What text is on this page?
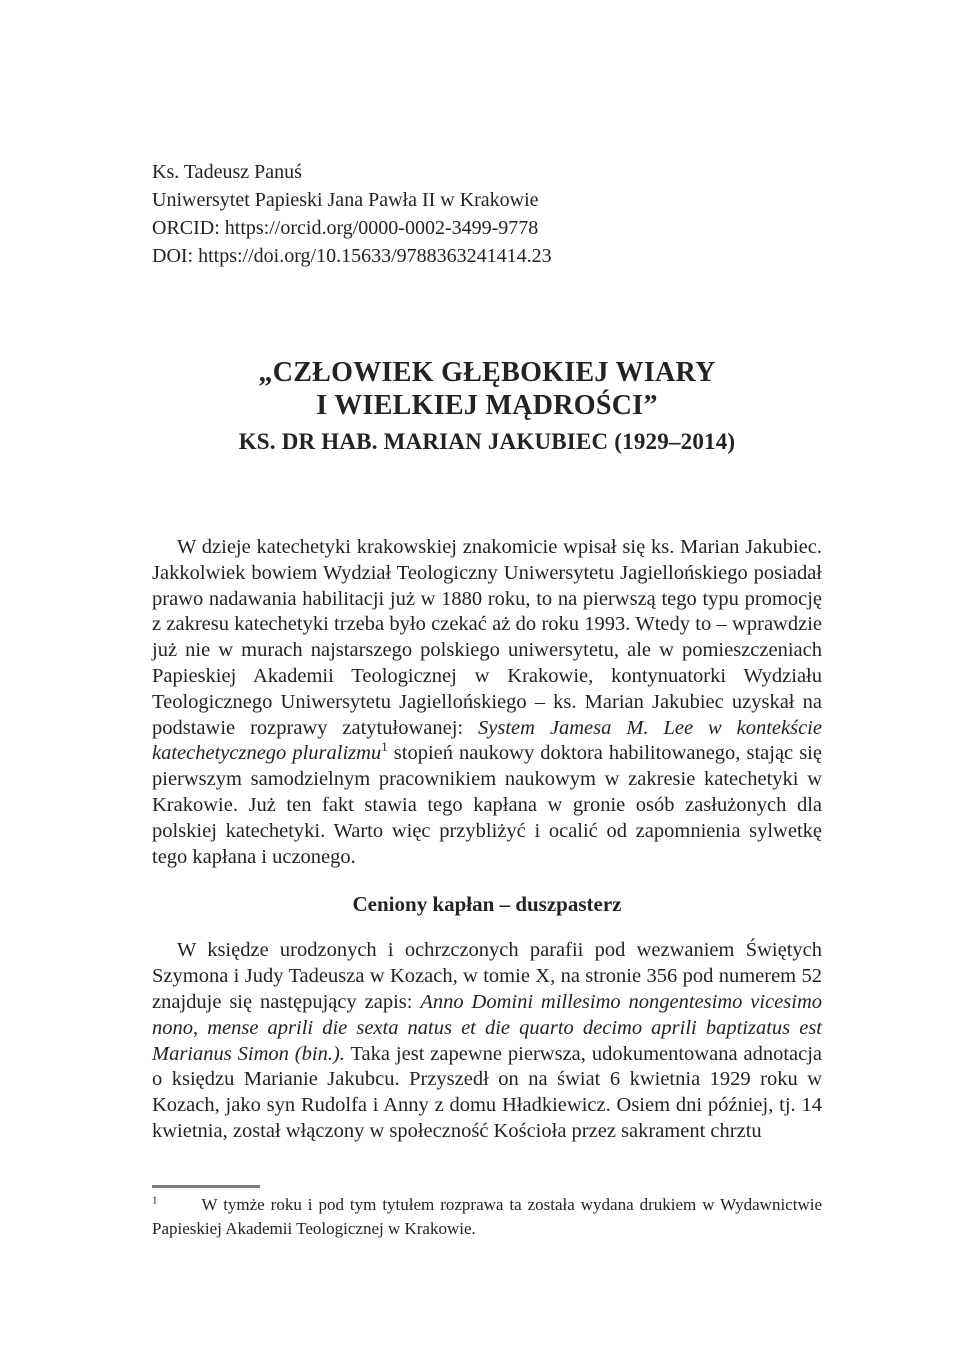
Ks. Tadeusz Panuś

Uniwersytet Papieski Jana Pawła II w Krakowie

ORCID: https://orcid.org/0000-0002-3499-9778

DOI: https://doi.org/10.15633/9788363241414.23

„CZŁOWIEK GŁĘBOKIEJ WIARY
I WIELKIEJ MĄDROŚCI”
KS. DR HAB. MARIAN JAKUBIEC (1929–2014)

W dzieje katechetyki krakowskiej znakomicie wpisał się ks. Marian Jakubiec. Jakkolwiek bowiem Wydział Teologiczny Uniwersytetu Jagiellońskiego posiadał prawo nadawania habilitacji już w 1880 roku, to na pierwszą tego typu promocję z zakresu katechetyki trzeba było czekać aż do roku 1993. Wtedy to – wprawdzie już nie w murach najstarszego polskiego uniwersytetu, ale w pomieszczeniach Papieskiej Akademii Teologicznej w Krakowie, kontynuatorki Wydziału Teologicznego Uniwersytetu Jagiellońskiego – ks. Marian Jakubiec uzyskał na podstawie rozprawy zatytułowanej: System Jamesa M. Lee w kontekście katechetycznego pluralizmu$^1$ stopień naukowy doktora habilitowanego, stając się pierwszym samodzielnym pracownikiem naukowym w zakresie katechetyki w Krakowie. Już ten fakt stawia tego kapłana w gronie osób zasłużonych dla polskiej katechetyki. Warto więc przybliżyć i ocalić od zapomnienia sylwetkę tego kapłana i uczonego.

Ceniony kapłan – duszpasterz

W księdze urodzonych i ochrzczonych parafii pod wezwaniem Świętych Szymona i Judy Tadeusza w Kozach, w tomie X, na stronie 356 pod numerem 52 znajduje się następujący zapis: Anno Domini millesimo nongentesimo vicesimo nono, mense aprili die sexta natus et die quarto decimo aprili baptizatus est Marianus Simon (bin.). Taka jest zapewne pierwsza, udokumentowana adnotacja o księdzu Marianie Jakubcu. Przyszedł on na świat 6 kwietnia 1929 roku w Kozach, jako syn Rudolfa i Anny z domu Hładkiewicz. Osiem dni później, tj. 14 kwietnia, został włączony w społeczność Kościoła przez sakrament chrztu

$^1$	W tymże roku i pod tym tytułem rozprawa ta została wydana drukiem w Wydawnictwie Papieskiej Akademii Teologicznej w Krakowie.
